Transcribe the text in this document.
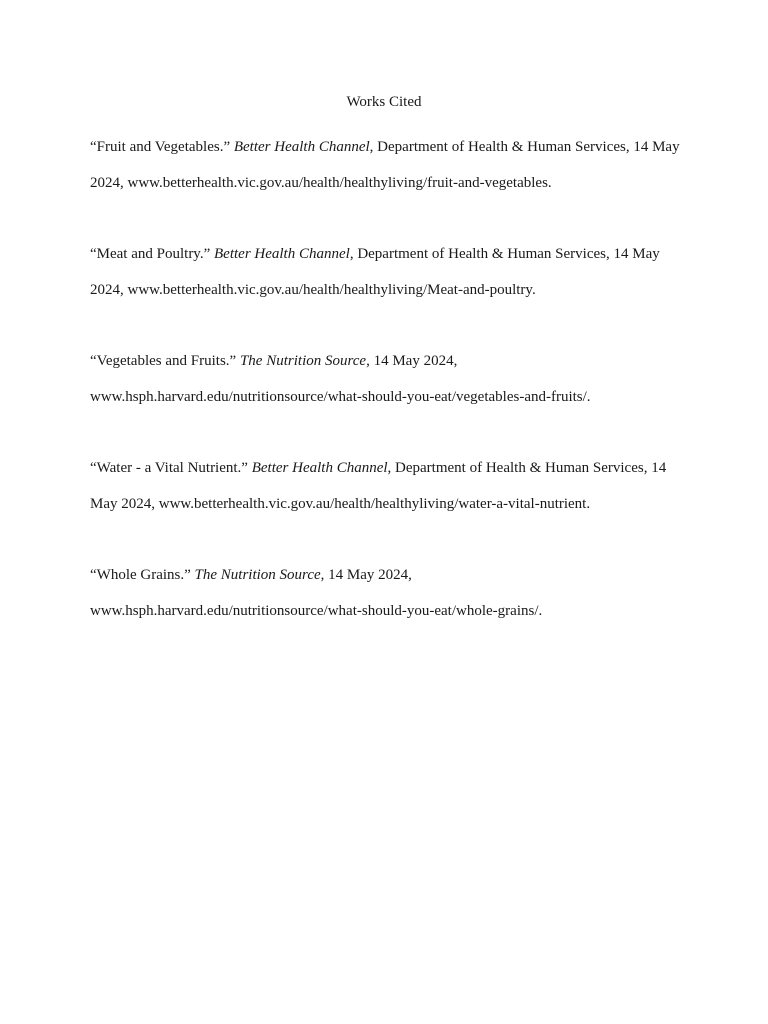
Works Cited

“Fruit and Vegetables.” Better Health Channel, Department of Health & Human Services, 14 May 2024, www.betterhealth.vic.gov.au/health/healthyliving/fruit-and-vegetables.

“Meat and Poultry.” Better Health Channel, Department of Health & Human Services, 14 May 2024, www.betterhealth.vic.gov.au/health/healthyliving/Meat-and-poultry.

“Vegetables and Fruits.” The Nutrition Source, 14 May 2024, www.hsph.harvard.edu/nutritionsource/what-should-you-eat/vegetables-and-fruits/.

“Water - a Vital Nutrient.” Better Health Channel, Department of Health & Human Services, 14 May 2024, www.betterhealth.vic.gov.au/health/healthyliving/water-a-vital-nutrient.

“Whole Grains.” The Nutrition Source, 14 May 2024, www.hsph.harvard.edu/nutritionsource/what-should-you-eat/whole-grains/.
